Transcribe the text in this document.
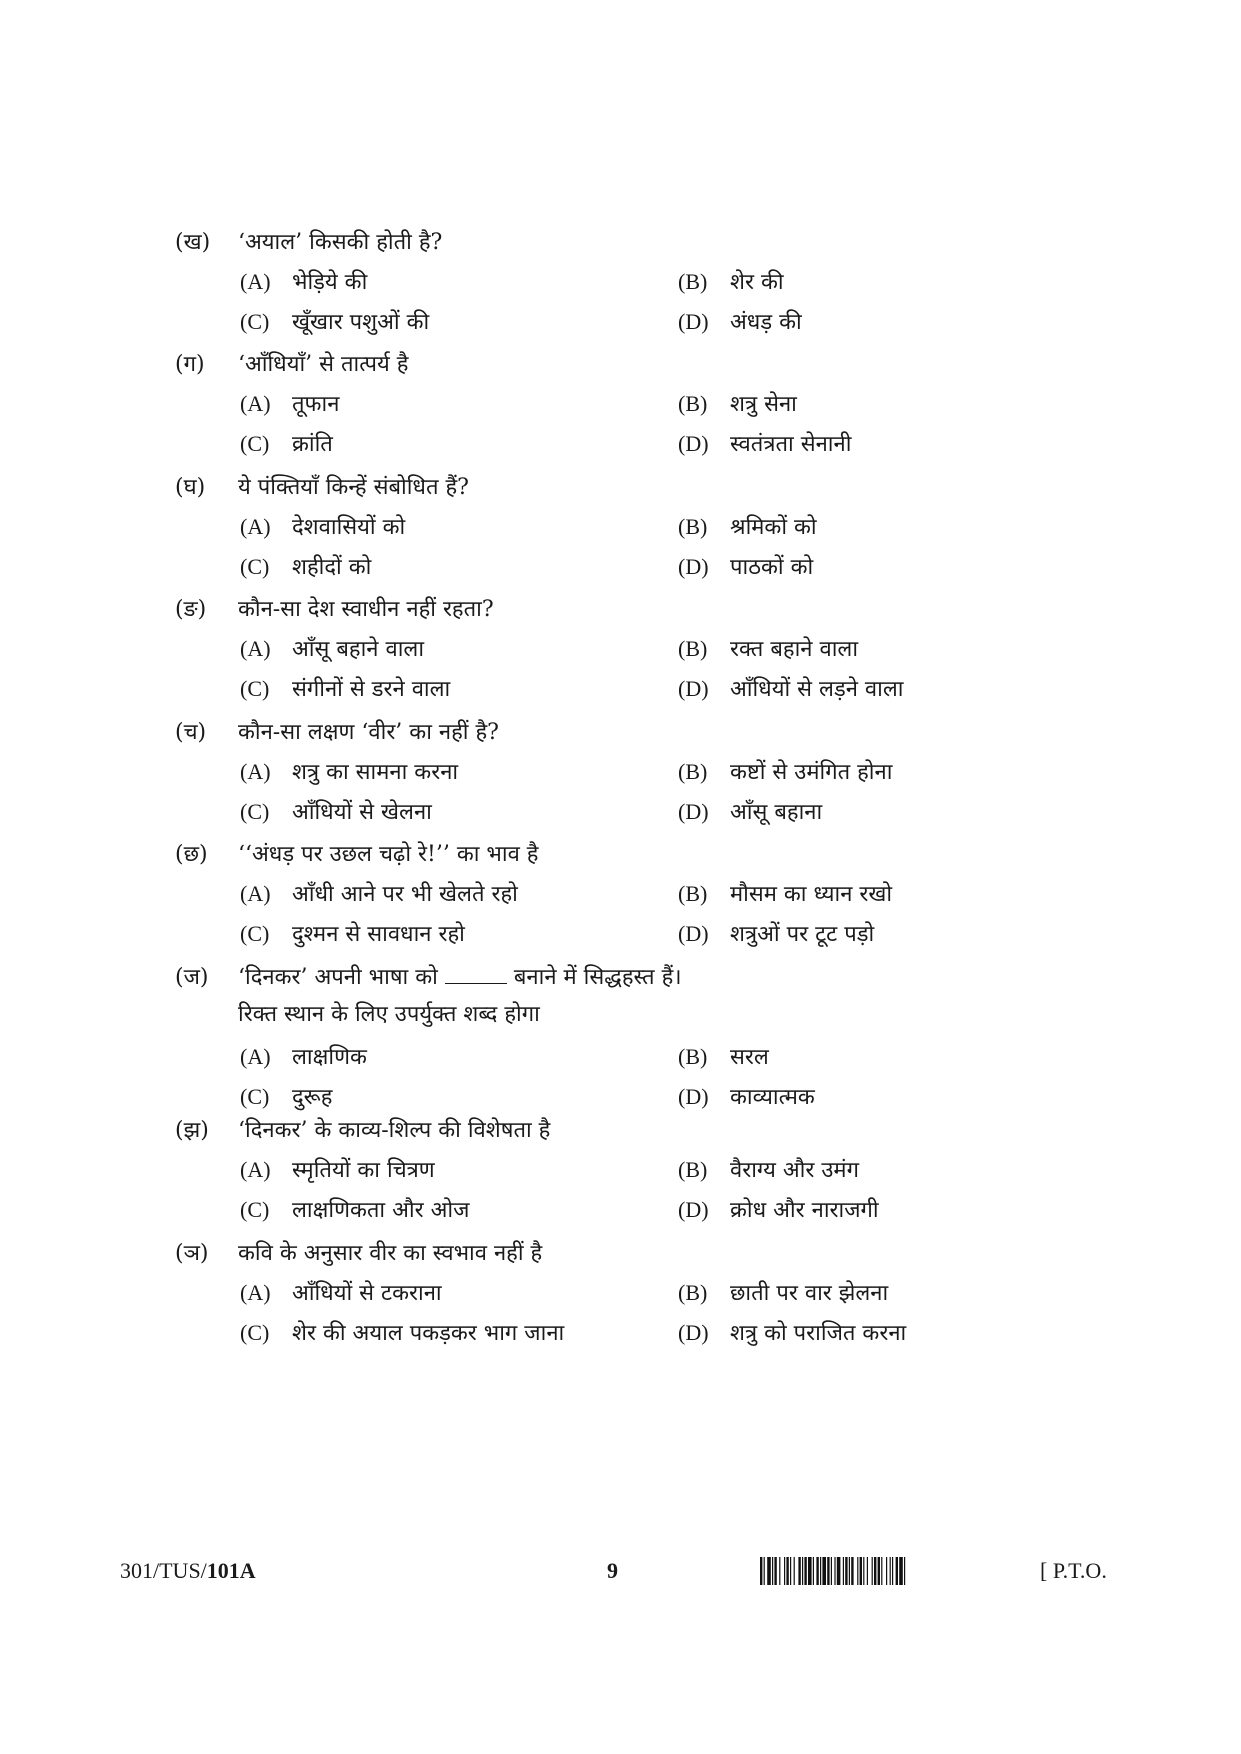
(ख)	‘अयाल’ किसकी होती है?
(A) भेड़िये की	(B) शेर की
(C) खूँखार पशुओं की	(D) अंधड़ की
(ग)	‘आँधियाँ’ से तात्पर्य है
(A) तूफान	(B) शत्रु सेना
(C) क्रांति	(D) स्वतंत्रता सेनानी
(घ)	ये पंक्तियाँ किन्हें संबोधित हैं?
(A) देशवासियों को	(B) श्रमिकों को
(C) शहीदों को	(D) पाठकों को
(ङ)	कौन-सा देश स्वाधीन नहीं रहता?
(A) आँसू बहाने वाला	(B) रक्त बहाने वाला
(C) संगीनों से डरने वाला	(D) आँधियों से लड़ने वाला
(च)	कौन-सा लक्षण ‘वीर’ का नहीं है?
(A) शत्रु का सामना करना	(B) कष्टों से उमंगित होना
(C) आँधियों से खेलना	(D) आँसू बहाना
(छ)	‘‘अंधड़ पर उछल चढ़ो रे!’’ का भाव है
(A) आँधी आने पर भी खेलते रहो	(B) मौसम का ध्यान रखो
(C) दुश्मन से सावधान रहो	(D) शत्रुओं पर टूट पड़ो
(ज)	‘दिनकर’ अपनी भाषा को	बनाने में सिद्धहस्त हैं।
रिक्त स्थान के लिए उपर्युक्त शब्द होगा
(A) लाक्षणिक	(B) सरल
(C) दुरूह	(D) काव्यात्मक
(झ)	‘दिनकर’ के काव्य-शिल्प की विशेषता है
(A) स्मृतियों का चित्रण	(B) वैराग्य और उमंग
(C) लाक्षणिकता और ओज	(D) क्रोध और नाराजगी
(ञ)	कवि के अनुसार वीर का स्वभाव नहीं है
(A) आँधियों से टकराना	(B) छाती पर वार झेलना
(C) शेर की अयाल पकड़कर भाग जाना	(D) शत्रु को पराजित करना
301/TUS/101A	9	[ P.T.O.
